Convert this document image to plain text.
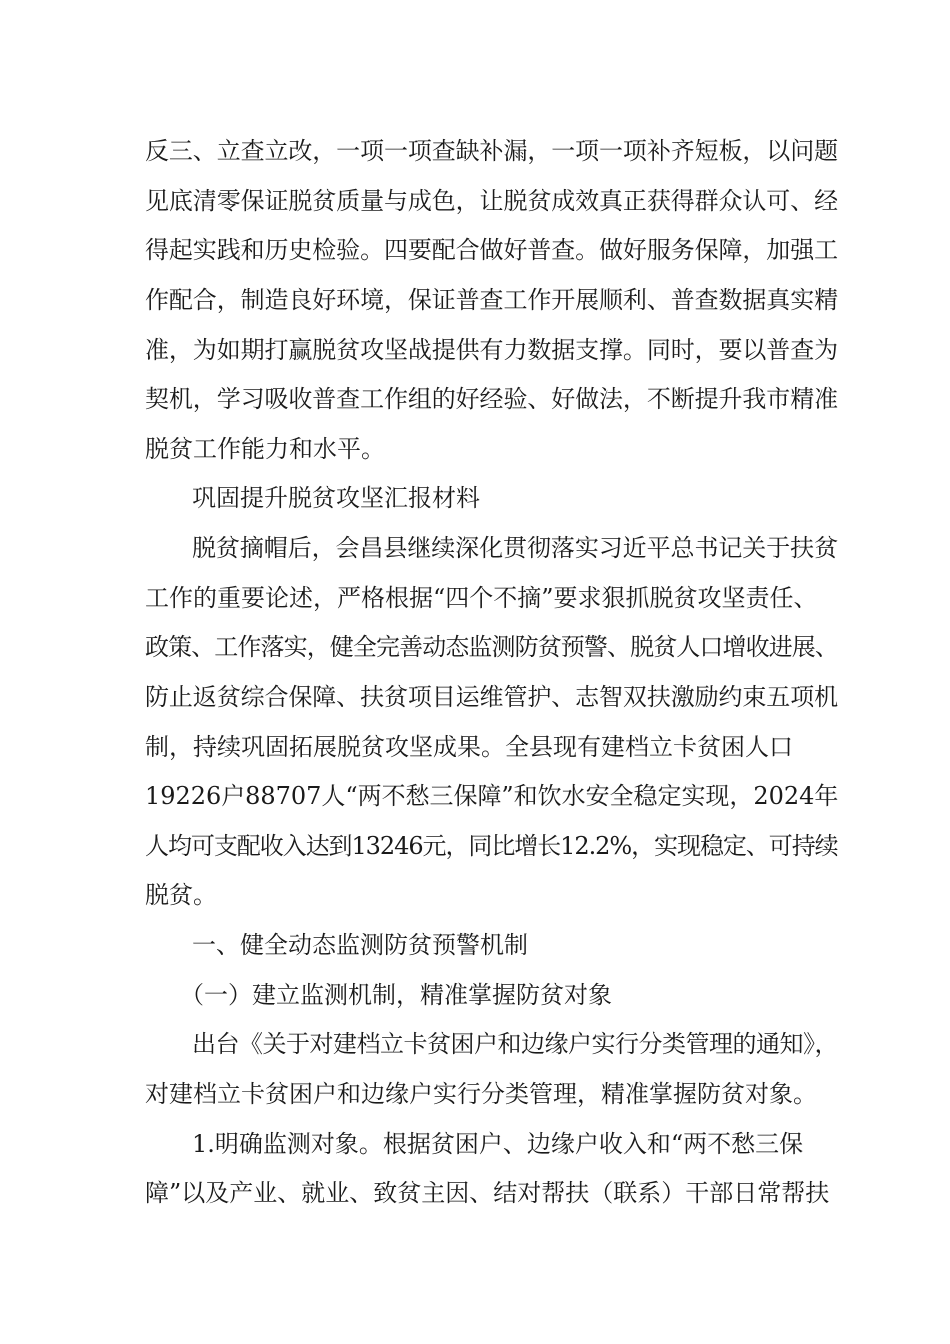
反三、立查立改，一项一项查缺补漏，一项一项补齐短板，以问题
见底清零保证脱贫质量与成色，让脱贫成效真正获得群众认可、经
得起实践和历史检验。四要配合做好普查。做好服务保障，加强工
作配合，制造良好环境，保证普查工作开展顺利、普查数据真实精
准，为如期打赢脱贫攻坚战提供有力数据支撑。同时，要以普查为
契机，学习吸收普查工作组的好经验、好做法，不断提升我市精准
脱贫工作能力和水平。
巩固提升脱贫攻坚汇报材料
脱贫摘帽后，会昌县继续深化贯彻落实习近平总书记关于扶贫
工作的重要论述，严格根据“四个不摘”要求狠抓脱贫攻坚责任、
政策、工作落实，健全完善动态监测防贫预警、脱贫人口增收进展、
防止返贫综合保障、扶贫项目运维管护、志智双扶激励约束五项机
制，持续巩固拓展脱贫攻坚成果。全县现有建档立卡贫困人口
19226户88707人“两不愁三保障”和饮水安全稳定实现，2024年
人均可支配收入达到13246元，同比增长12.2%，实现稳定、可持续
脱贫。
一、健全动态监测防贫预警机制
（一）建立监测机制，精准掌握防贫对象
出台《关于对建档立卡贫困户和边缘户实行分类管理的通知》，
对建档立卡贫困户和边缘户实行分类管理，精准掌握防贫对象。
1.明确监测对象。根据贫困户、边缘户收入和“两不愁三保
障”以及产业、就业、致贫主因、结对帮扶（联系）干部日常帮扶
